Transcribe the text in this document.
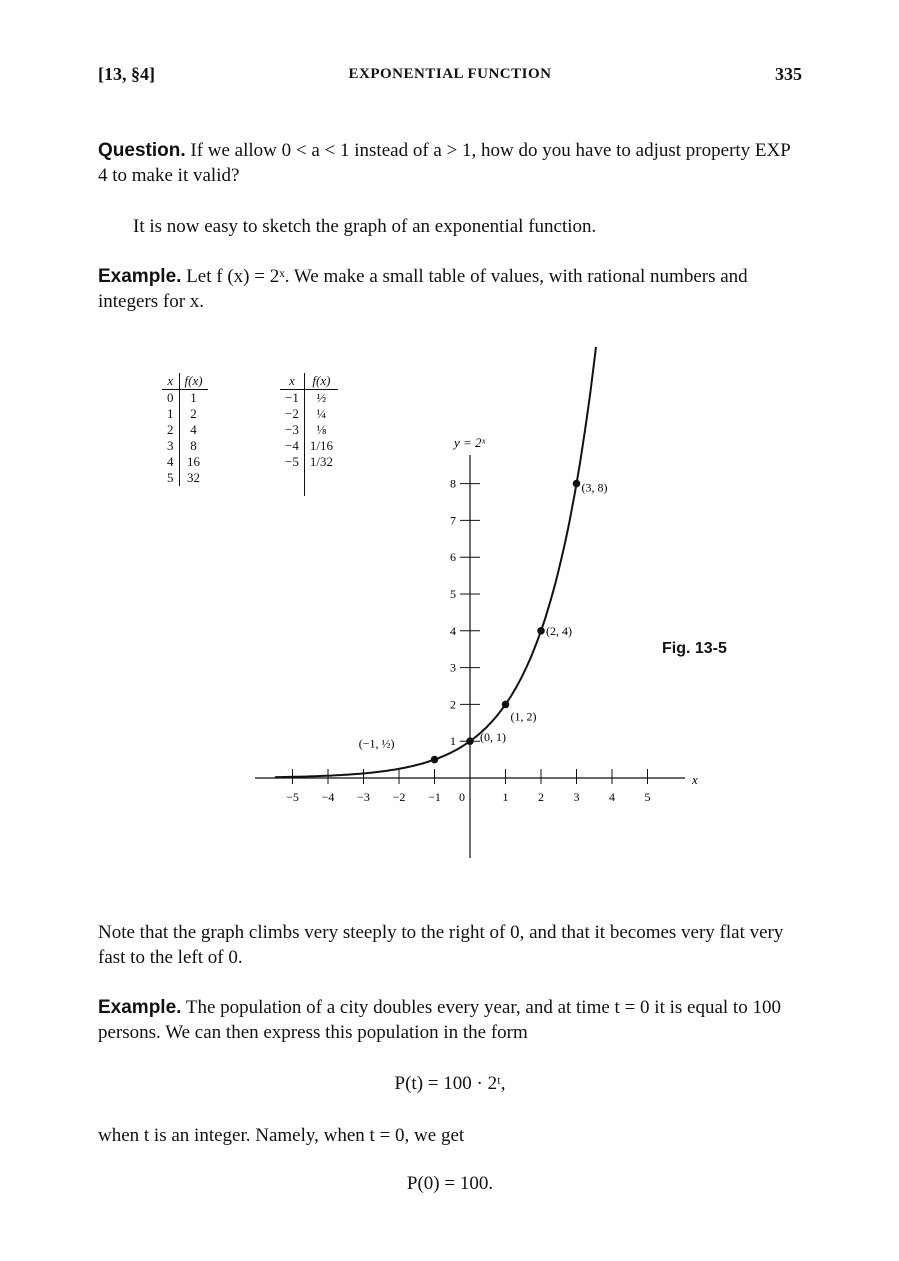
[13, §4]	EXPONENTIAL FUNCTION	335
Question. If we allow 0 < a < 1 instead of a > 1, how do you have to adjust property EXP 4 to make it valid?
It is now easy to sketch the graph of an exponential function.
Example. Let f (x) = 2ˣ. We make a small table of values, with rational numbers and integers for x.
x	f(x)
0	1
1	2
2	4
3	8
4	16
5	32
x	f(x)
−1	½
−2	¼
−3	⅛
−4	1/16
−5	1/32

y = 2ˣ
x
−5 −4 −3 −2 −1 0	1 2 3 4 5
1
2
3
4
5
6
7
8
(−1, ½)	(0, 1)
(1, 2)
(2, 4)
(3, 8)
Fig. 13-5
Note that the graph climbs very steeply to the right of 0, and that it becomes very flat very fast to the left of 0.
Example. The population of a city doubles every year, and at time t = 0 it is equal to 100 persons. We can then express this population in the form
P(t) = 100 · 2ᵗ,
when t is an integer. Namely, when t = 0, we get
P(0) = 100.
